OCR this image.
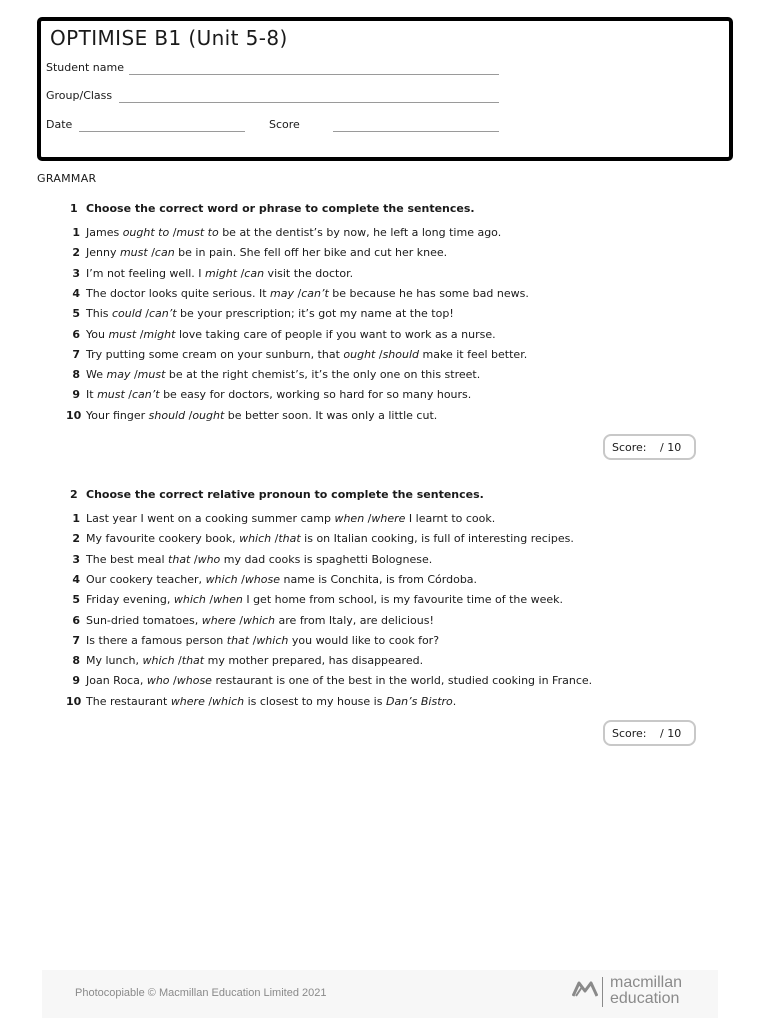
OPTIMISE B1 (Unit 5-8)
Student name
Group/Class
Date	Score
GRAMMAR
1 Choose the correct word or phrase to complete the sentences.
1 James ought to /must to be at the dentist’s by now, he left a long time ago.
2 Jenny must /can be in pain. She fell off her bike and cut her knee.
3 I’m not feeling well. I might /can visit the doctor.
4 The doctor looks quite serious. It may /can’t be because he has some bad news.
5 This could /can’t be your prescription; it’s got my name at the top!
6 You must /might love taking care of people if you want to work as a nurse.
7 Try putting some cream on your sunburn, that ought /should make it feel better.
8 We may /must be at the right chemist’s, it’s the only one on this street.
9 It must /can’t be easy for doctors, working so hard for so many hours.
10 Your finger should /ought be better soon. It was only a little cut.
Score: / 10
2 Choose the correct relative pronoun to complete the sentences.
1 Last year I went on a cooking summer camp when /where I learnt to cook.
2 My favourite cookery book, which /that is on Italian cooking, is full of interesting recipes.
3 The best meal that /who my dad cooks is spaghetti Bolognese.
4 Our cookery teacher, which /whose name is Conchita, is from Córdoba.
5 Friday evening, which /when I get home from school, is my favourite time of the week.
6 Sun-dried tomatoes, where /which are from Italy, are delicious!
7 Is there a famous person that /which you would like to cook for?
8 My lunch, which /that my mother prepared, has disappeared.
9 Joan Roca, who /whose restaurant is one of the best in the world, studied cooking in France.
10 The restaurant where /which is closest to my house is Dan’s Bistro.
Score: / 10
Photocopiable © Macmillan Education Limited 2021
macmillan
education
